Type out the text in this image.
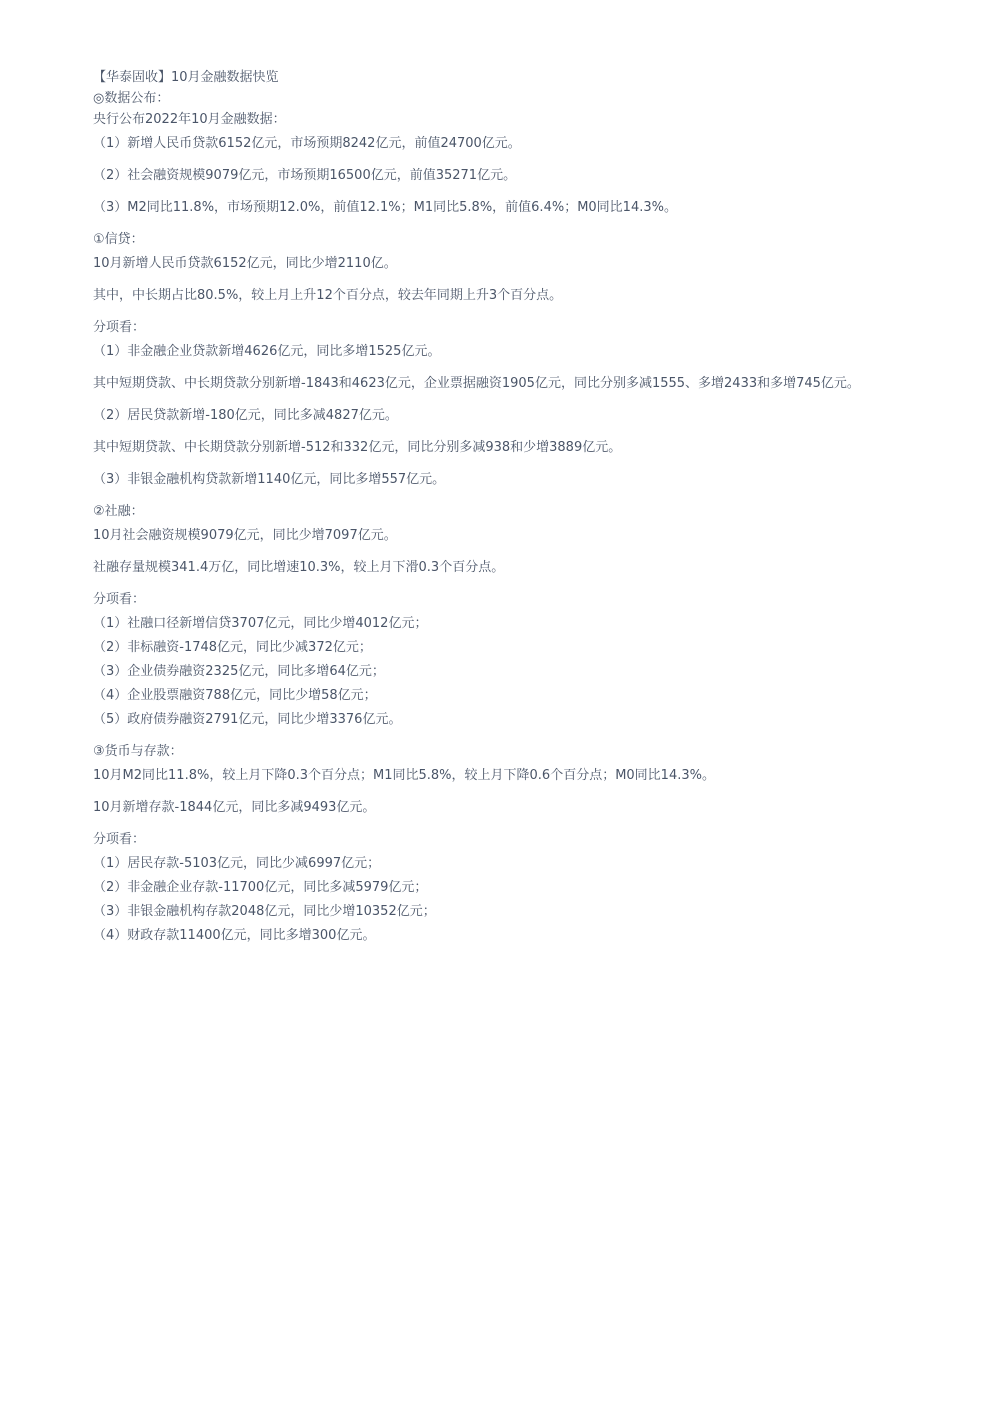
【华泰固收】10月金融数据快览
◎数据公布：
央行公布2022年10月金融数据：
（1）新增人民币贷款6152亿元，市场预期8242亿元，前值24700亿元。
（2）社会融资规模9079亿元，市场预期16500亿元，前值35271亿元。
（3）M2同比11.8%，市场预期12.0%，前值12.1%；M1同比5.8%，前值6.4%；M0同比14.3%。
①信贷：
10月新增人民币贷款6152亿元，同比少增2110亿。
其中，中长期占比80.5%，较上月上升12个百分点，较去年同期上升3个百分点。
分项看：
（1）非金融企业贷款新增4626亿元，同比多增1525亿元。
其中短期贷款、中长期贷款分别新增-1843和4623亿元，企业票据融资1905亿元，同比分别多减1555、多增2433和多增745亿元。
（2）居民贷款新增-180亿元，同比多减4827亿元。
其中短期贷款、中长期贷款分别新增-512和332亿元，同比分别多减938和少增3889亿元。
（3）非银金融机构贷款新增1140亿元，同比多增557亿元。
②社融：
10月社会融资规模9079亿元，同比少增7097亿元。
社融存量规模341.4万亿，同比增速10.3%，较上月下滑0.3个百分点。
分项看：
（1）社融口径新增信贷3707亿元，同比少增4012亿元；
（2）非标融资-1748亿元，同比少减372亿元；
（3）企业债券融资2325亿元，同比多增64亿元；
（4）企业股票融资788亿元，同比少增58亿元；
（5）政府债券融资2791亿元，同比少增3376亿元。
③货币与存款：
10月M2同比11.8%，较上月下降0.3个百分点；M1同比5.8%，较上月下降0.6个百分点；M0同比14.3%。
10月新增存款-1844亿元，同比多减9493亿元。
分项看：
（1）居民存款-5103亿元，同比少减6997亿元；
（2）非金融企业存款-11700亿元，同比多减5979亿元；
（3）非银金融机构存款2048亿元，同比少增10352亿元；
（4）财政存款11400亿元，同比多增300亿元。
